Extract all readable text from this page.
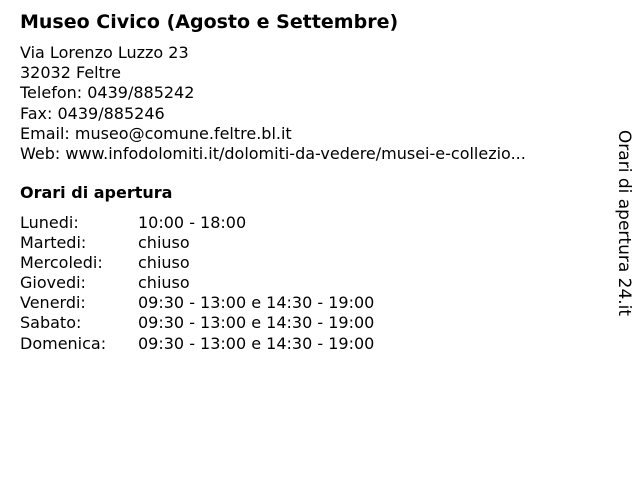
Museo Civico (Agosto e Settembre)
Via Lorenzo Luzzo 23
32032 Feltre
Telefon: 0439/885242
Fax: 0439/885246
Email: museo@comune.feltre.bl.it
Web: www.infodolomiti.it/dolomiti-da-vedere/musei-e-collezio...
Orari di apertura
Lunedi:	10:00 - 18:00
Martedi:	chiuso
Mercoledi: chiuso
Giovedi:	chiuso
Venerdi:	09:30 - 13:00 e 14:30 - 19:00
Sabato:	09:30 - 13:00 e 14:30 - 19:00
Domenica: 09:30 - 13:00 e 14:30 - 19:00
Orari di apertura 24.it
